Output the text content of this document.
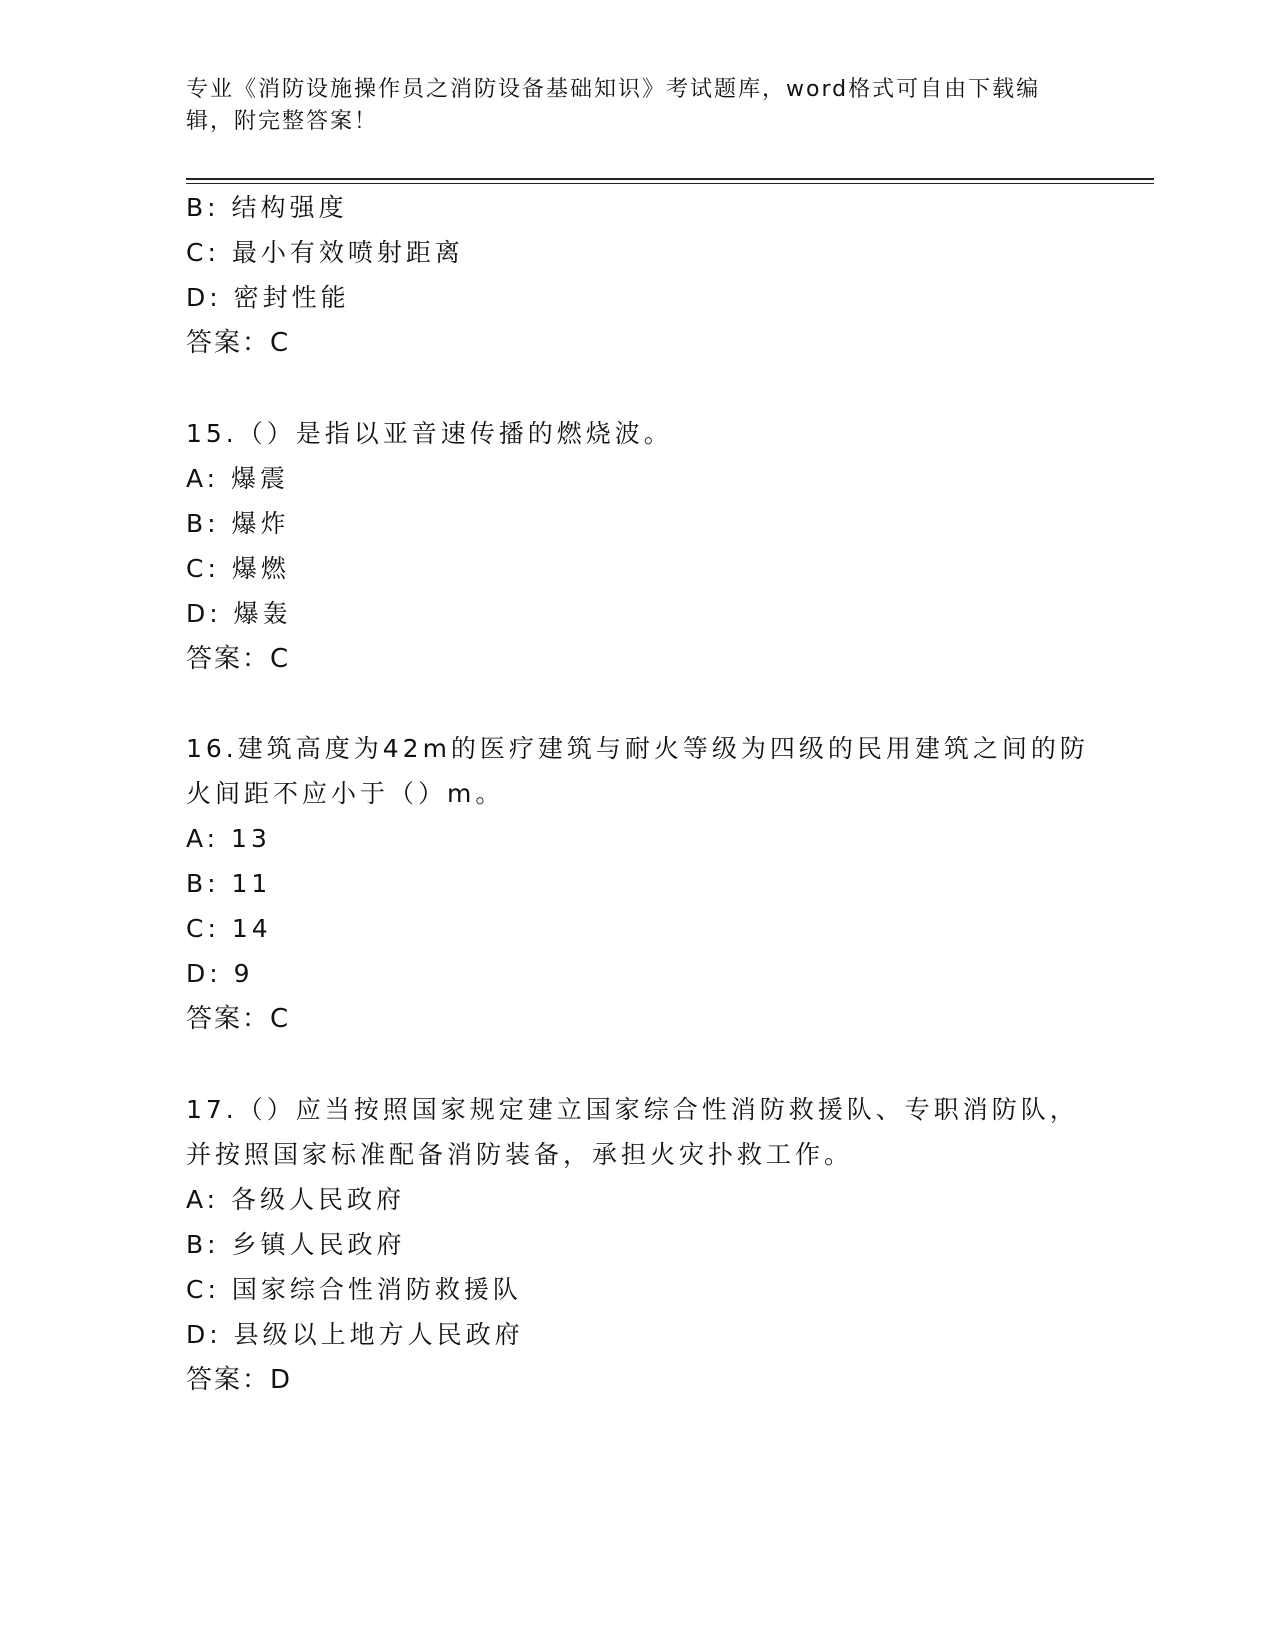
专业《消防设施操作员之消防设备基础知识》考试题库，word格式可自由下载编辑，附完整答案！

B: 结构强度

C: 最小有效喷射距离

D: 密封性能

答案：C

15.（）是指以亚音速传播的燃烧波。

A: 爆震

B: 爆炸

C: 爆燃

D: 爆轰

答案：C

16.建筑高度为42m的医疗建筑与耐火等级为四级的民用建筑之间的防

火间距不应小于（）m。

A: 13

B: 11

C: 14

D: 9

答案：C

17.（）应当按照国家规定建立国家综合性消防救援队、专职消防队，

并按照国家标准配备消防装备，承担火灾扑救工作。

A: 各级人民政府

B: 乡镇人民政府

C: 国家综合性消防救援队

D: 县级以上地方人民政府

答案：D
